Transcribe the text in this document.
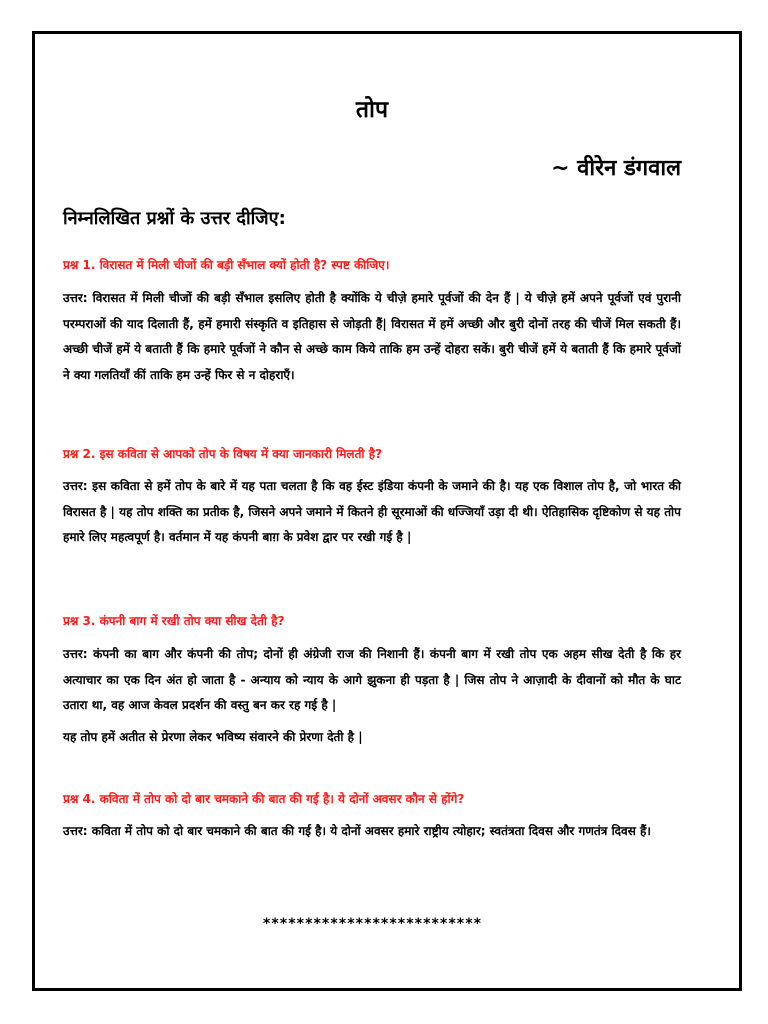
तोप
~ वीरेन डंगवाल
निम्नलिखित प्रश्नों के उत्तर दीजिए:

प्रश्न 1. विरासत में मिली चीजों की बड़ी सँभाल क्यों होती है? स्पष्ट कीजिए।

उत्तर: विरासत में मिली चीजों की बड़ी सँभाल इसलिए होती है क्योंकि ये चीज़े हमारे पूर्वजों की देन हैं | ये चीज़े हमें अपने पूर्वजों एवं पुरानी परम्पराओं की याद दिलाती हैं, हमें हमारी संस्कृति व इतिहास से जोड़ती हैं| विरासत में हमें अच्छी और बुरी दोनों तरह की चीजें मिल सकती हैं। अच्छी चीजें हमें ये बताती हैं कि हमारे पूर्वजों ने कौन से अच्छे काम किये ताकि हम उन्हें दोहरा सकें। बुरी चीजें हमें ये बताती हैं कि हमारे पूर्वजों ने क्या गलतियाँ कीं ताकि हम उन्हें फिर से न दोहराएँ।

प्रश्न 2. इस कविता से आपको तोप के विषय में क्या जानकारी मिलती है?

उत्तर: इस कविता से हमें तोप के बारे में यह पता चलता है कि वह ईस्ट इंडिया कंपनी के जमाने की है। यह एक विशाल तोप है, जो भारत की विरासत है | यह तोप शक्ति का प्रतीक है, जिसने अपने जमाने में कितने ही सूरमाओं की धज्जियाँ उड़ा दी थी। ऐतिहासिक दृष्टिकोण से यह तोप हमारे लिए महत्वपूर्ण है। वर्तमान में यह कंपनी बाग़ के प्रवेश द्वार पर रखी गई है |

प्रश्न 3. कंपनी बाग में रखी तोप क्या सीख देती है?

उत्तर: कंपनी का बाग और कंपनी की तोप; दोनों ही अंग्रेजी राज की निशानी हैं। कंपनी बाग में रखी तोप एक अहम सीख देती है कि हर अत्याचार का एक दिन अंत हो जाता है - अन्याय को न्याय के आगे झुकना ही पड़ता है | जिस तोप ने आज़ादी के दीवानों को मौत के घाट उतारा था, वह आज केवल प्रदर्शन की वस्तु बन कर रह गई है |

यह तोप हमें अतीत से प्रेरणा लेकर भविष्य संवारने की प्रेरणा देती है |

प्रश्न 4. कविता में तोप को दो बार चमकाने की बात की गई है। ये दोनों अवसर कौन से होंगे?

उत्तर: कविता में तोप को दो बार चमकाने की बात की गई है। ये दोनों अवसर हमारे राष्ट्रीय त्योहार; स्वतंत्रता दिवस और गणतंत्र दिवस हैं।

**************************
